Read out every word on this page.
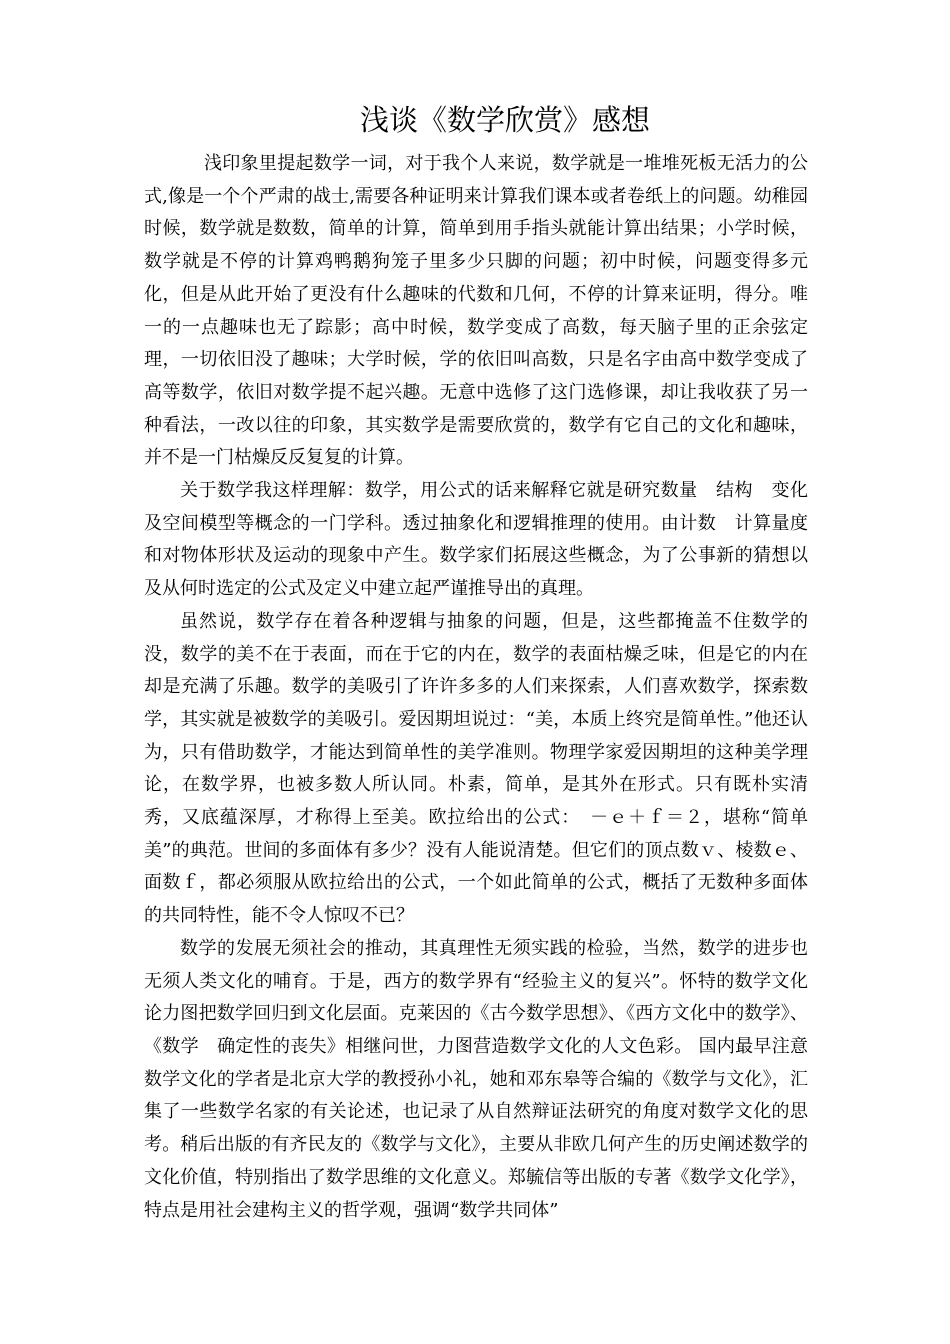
浅谈《数学欣赏》感想

浅印象里提起数学一词，对于我个人来说，数学就是一堆堆死板无活力的公式,像是一个个严肃的战士,需要各种证明来计算我们课本或者卷纸上的问题。幼稚园时候，数学就是数数，简单的计算，简单到用手指头就能计算出结果；小学时候，数学就是不停的计算鸡鸭鹅狗笼子里多少只脚的问题；初中时候，问题变得多元化，但是从此开始了更没有什么趣味的代数和几何，不停的计算来证明，得分。唯一的一点趣味也无了踪影；高中时候，数学变成了高数，每天脑子里的正余弦定理，一切依旧没了趣味；大学时候，学的依旧叫高数，只是名字由高中数学变成了高等数学，依旧对数学提不起兴趣。无意中选修了这门选修课，却让我收获了另一种看法，一改以往的印象，其实数学是需要欣赏的，数学有它自己的文化和趣味，并不是一门枯燥反反复复的计算。

关于数学我这样理解：数学，用公式的话来解释它就是研究数量　结构　变化及空间模型等概念的一门学科。透过抽象化和逻辑推理的使用。由计数　计算量度和对物体形状及运动的现象中产生。数学家们拓展这些概念，为了公事新的猜想以及从何时选定的公式及定义中建立起严谨推导出的真理。

虽然说，数学存在着各种逻辑与抽象的问题，但是，这些都掩盖不住数学的没，数学的美不在于表面，而在于它的内在，数学的表面枯燥乏味，但是它的内在却是充满了乐趣。数学的美吸引了许许多多的人们来探索，人们喜欢数学，探索数学，其实就是被数学的美吸引。爱因期坦说过：“美，本质上终究是简单性。”他还认为，只有借助数学，才能达到简单性的美学准则。物理学家爱因期坦的这种美学理论，在数学界，也被多数人所认同。朴素，简单，是其外在形式。只有既朴实清秀，又底蕴深厚，才称得上至美。欧拉给出的公式：　－ｅ＋ｆ＝２，堪称“简单美”的典范。世间的多面体有多少？没有人能说清楚。但它们的顶点数ｖ、棱数ｅ、面数ｆ，都必须服从欧拉给出的公式，一个如此简单的公式，概括了无数种多面体的共同特性，能不令人惊叹不已？

数学的发展无须社会的推动，其真理性无须实践的检验，当然，数学的进步也无须人类文化的哺育。于是，西方的数学界有“经验主义的复兴”。怀特的数学文化论力图把数学回归到文化层面。克莱因的《古今数学思想》、《西方文化中的数学》、《数学　确定性的丧失》相继问世，力图营造数学文化的人文色彩。 国内最早注意数学文化的学者是北京大学的教授孙小礼，她和邓东皋等合编的《数学与文化》，汇集了一些数学名家的有关论述，也记录了从自然辩证法研究的角度对数学文化的思考。稍后出版的有齐民友的《数学与文化》，主要从非欧几何产生的历史阐述数学的文化价值，特别指出了数学思维的文化意义。郑毓信等出版的专著《数学文化学》，特点是用社会建构主义的哲学观，强调“数学共同体”
